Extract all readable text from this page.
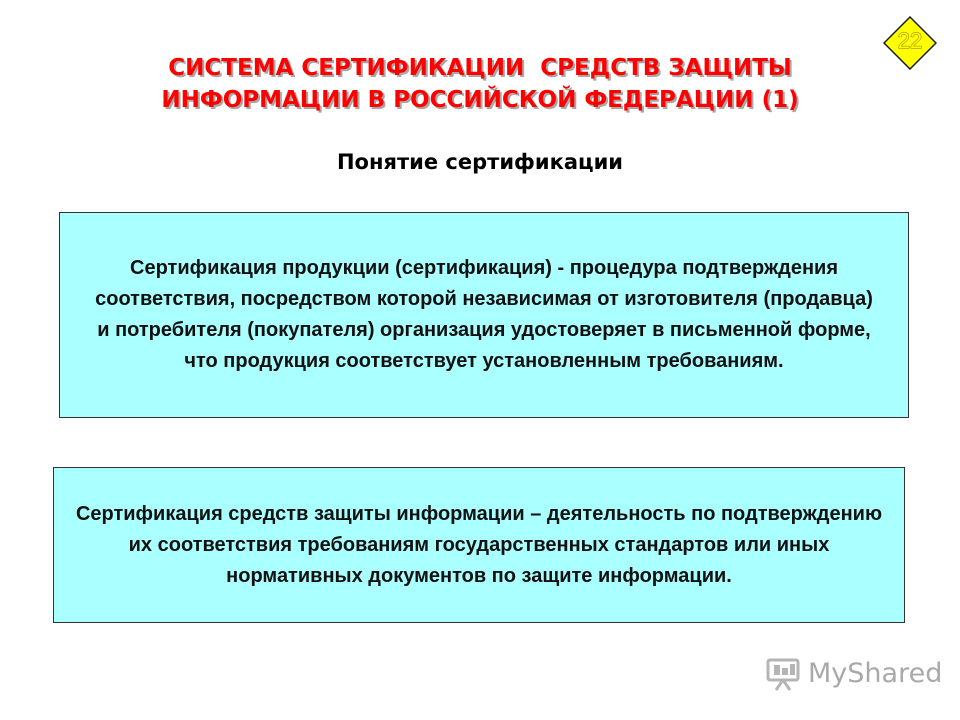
22
СИСТЕМА СЕРТИФИКАЦИИ  СРЕДСТВ ЗАЩИТЫ
ИНФОРМАЦИИ В РОССИЙСКОЙ ФЕДЕРАЦИИ (1)
Понятие сертификации

Сертификация продукции (сертификация) - процедура подтверждения соответствия, посредством которой независимая от изготовителя (продавца) и потребителя (покупателя) организация удостоверяет в письменной форме, что продукция соответствует установленным требованиям.

Сертификация средств защиты информации – деятельность по подтверждению их соответствия требованиям государственных стандартов или иных нормативных документов по защите информации.

MyShared
